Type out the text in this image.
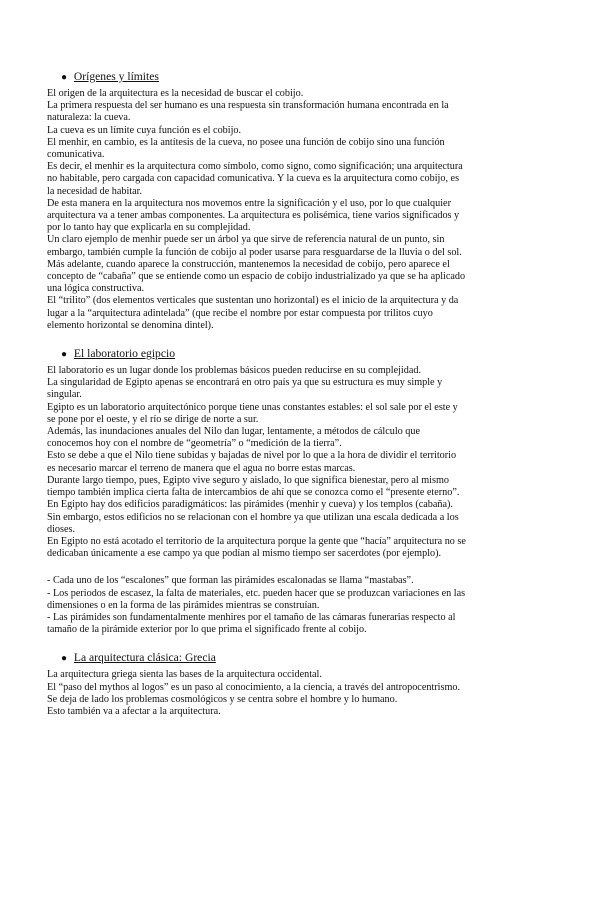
● Orígenes y límites

El origen de la arquitectura es la necesidad de buscar el cobijo.

La primera respuesta del ser humano es una respuesta sin transformación humana encontrada en la naturaleza: la cueva.

La cueva es un límite cuya función es el cobijo.

El menhir, en cambio, es la antítesis de la cueva, no posee una función de cobijo sino una función comunicativa.

Es decir, el menhir es la arquitectura como símbolo, como signo, como significación; una arquitectura no habitable, pero cargada con capacidad comunicativa. Y la cueva es la arquitectura como cobijo, es la necesidad de habitar.

De esta manera en la arquitectura nos movemos entre la significación y el uso, por lo que cualquier arquitectura va a tener ambas componentes. La arquitectura es polisémica, tiene varios significados y por lo tanto hay que explicarla en su complejidad.

Un claro ejemplo de menhir puede ser un árbol ya que sirve de referencia natural de un punto, sin embargo, también cumple la función de cobijo al poder usarse para resguardarse de la lluvia o del sol.

Más adelante, cuando aparece la construcción, mantenemos la necesidad de cobijo, pero aparece el concepto de “cabaña” que se entiende como un espacio de cobijo industrializado ya que se ha aplicado una lógica constructiva.

El “trilito” (dos elementos verticales que sustentan uno horizontal) es el inicio de la arquitectura y da lugar a la “arquitectura adintelada” (que recibe el nombre por estar compuesta por trilitos cuyo elemento horizontal se denomina dintel).

● El laboratorio egipcio

El laboratorio es un lugar donde los problemas básicos pueden reducirse en su complejidad.

La singularidad de Egipto apenas se encontrará en otro país ya que su estructura es muy simple y singular.

Egipto es un laboratorio arquitectónico porque tiene unas constantes estables: el sol sale por el este y se pone por el oeste, y el río se dirige de norte a sur.

Además, las inundaciones anuales del Nilo dan lugar, lentamente, a métodos de cálculo que conocemos hoy con el nombre de “geometría” o “medición de la tierra”.

Esto se debe a que el Nilo tiene subidas y bajadas de nivel por lo que a la hora de dividir el territorio es necesario marcar el terreno de manera que el agua no borre estas marcas.

Durante largo tiempo, pues, Egipto vive seguro y aislado, lo que significa bienestar, pero al mismo tiempo también implica cierta falta de intercambios de ahí que se conozca como el “presente eterno”.

En Egipto hay dos edificios paradigmáticos: las pirámides (menhir y cueva) y los templos (cabaña). Sin embargo, estos edificios no se relacionan con el hombre ya que utilizan una escala dedicada a los dioses.

En Egipto no está acotado el territorio de la arquitectura porque la gente que “hacía” arquitectura no se dedicaban únicamente a ese campo ya que podían al mismo tiempo ser sacerdotes (por ejemplo).

- Cada uno de los “escalones” que forman las pirámides escalonadas se llama “mastabas”.

- Los periodos de escasez, la falta de materiales, etc. pueden hacer que se produzcan variaciones en las dimensiones o en la forma de las pirámides mientras se construían.

- Las pirámides son fundamentalmente menhires por el tamaño de las cámaras funerarias respecto al tamaño de la pirámide exterior por lo que prima el significado frente al cobijo.

● La arquitectura clásica: Grecia

La arquitectura griega sienta las bases de la arquitectura occidental.

El “paso del mythos al logos” es un paso al conocimiento, a la ciencia, a través del antropocentrismo. Se deja de lado los problemas cosmológicos y se centra sobre el hombre y lo humano.

Esto también va a afectar a la arquitectura.
